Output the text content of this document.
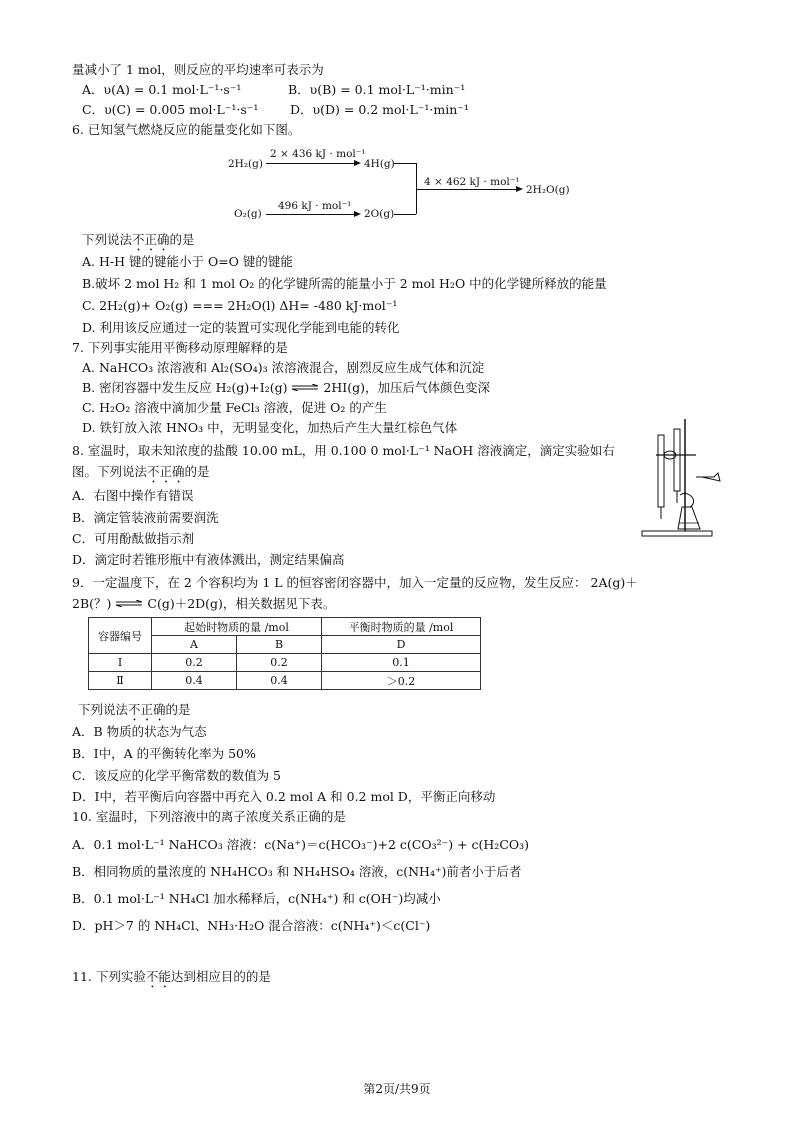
量减小了 1 mol，则反应的平均速率可表示为
A．υ(A) = 0.1 mol·L⁻¹·s⁻¹	B．υ(B) = 0.1 mol·L⁻¹·min⁻¹
C．υ(C) = 0.005 mol·L⁻¹·s⁻¹	D．υ(D) = 0.2 mol·L⁻¹·min⁻¹
6. 已知氢气燃烧反应的能量变化如下图。
2H₂(g)
2 × 436 kJ · mol⁻¹
4H(g)
O₂(g)
496 kJ · mol⁻¹
2O(g)
4 × 462 kJ · mol⁻¹
2H₂O(g)
下列说法不正确的是
A. H-H 键的键能小于 O=O 键的键能
B.破坏 2 mol H₂ 和 1 mol O₂ 的化学键所需的能量小于 2 mol H₂O 中的化学键所释放的能量
C. 2H₂(g)+ O₂(g) === 2H₂O(l) ΔH= -480 kJ·mol⁻¹
D. 利用该反应通过一定的装置可实现化学能到电能的转化
7. 下列事实能用平衡移动原理解释的是
A. NaHCO₃ 浓溶液和 Al₂(SO₄)₃ 浓溶液混合，剧烈反应生成气体和沉淀
B. 密闭容器中发生反应 H₂(g)+I₂(g) ⇌ 2HI(g)，加压后气体颜色变深
C. H₂O₂ 溶液中滴加少量 FeCl₃ 溶液，促进 O₂ 的产生
D. 铁钉放入浓 HNO₃ 中，无明显变化，加热后产生大量红棕色气体
8. 室温时，取未知浓度的盐酸 10.00 mL，用 0.100 0 mol·L⁻¹ NaOH 溶液滴定，滴定实验如右
图。下列说法不正确的是
A．右图中操作有错误
B．滴定管装液前需要润洗
C．可用酚酞做指示剂
D．滴定时若锥形瓶中有液体溅出，测定结果偏高
9．一定温度下，在 2 个容积均为 1 L 的恒容密闭容器中，加入一定量的反应物，发生反应： 2A(g)＋
2B(？) ⇌ C(g)＋2D(g)，相关数据见下表。
容器编号	起始时物质的量 /mol		平衡时物质的量 /mol
	A	B	D
Ⅰ	0.2	0.2	0.1
Ⅱ	0.4	0.4	＞0.2
下列说法不正确的是
A．B 物质的状态为气态
B．Ⅰ中，A 的平衡转化率为 50%
C．该反应的化学平衡常数的数值为 5
D．Ⅰ中，若平衡后向容器中再充入 0.2 mol A 和 0.2 mol D，平衡正向移动
10. 室温时，下列溶液中的离子浓度关系正确的是
A．0.1 mol·L⁻¹ NaHCO₃ 溶液：c(Na⁺)＝c(HCO₃⁻)+2 c(CO₃²⁻) + c(H₂CO₃)
B．相同物质的量浓度的 NH₄HCO₃ 和 NH₄HSO₄ 溶液，c(NH₄⁺)前者小于后者
B．0.1 mol·L⁻¹ NH₄Cl 加水稀释后，c(NH₄⁺) 和 c(OH⁻)均减小
D．pH＞7 的 NH₄Cl、NH₃·H₂O 混合溶液：c(NH₄⁺)＜c(Cl⁻)
11. 下列实验不能达到相应目的的是
第2页/共9页
